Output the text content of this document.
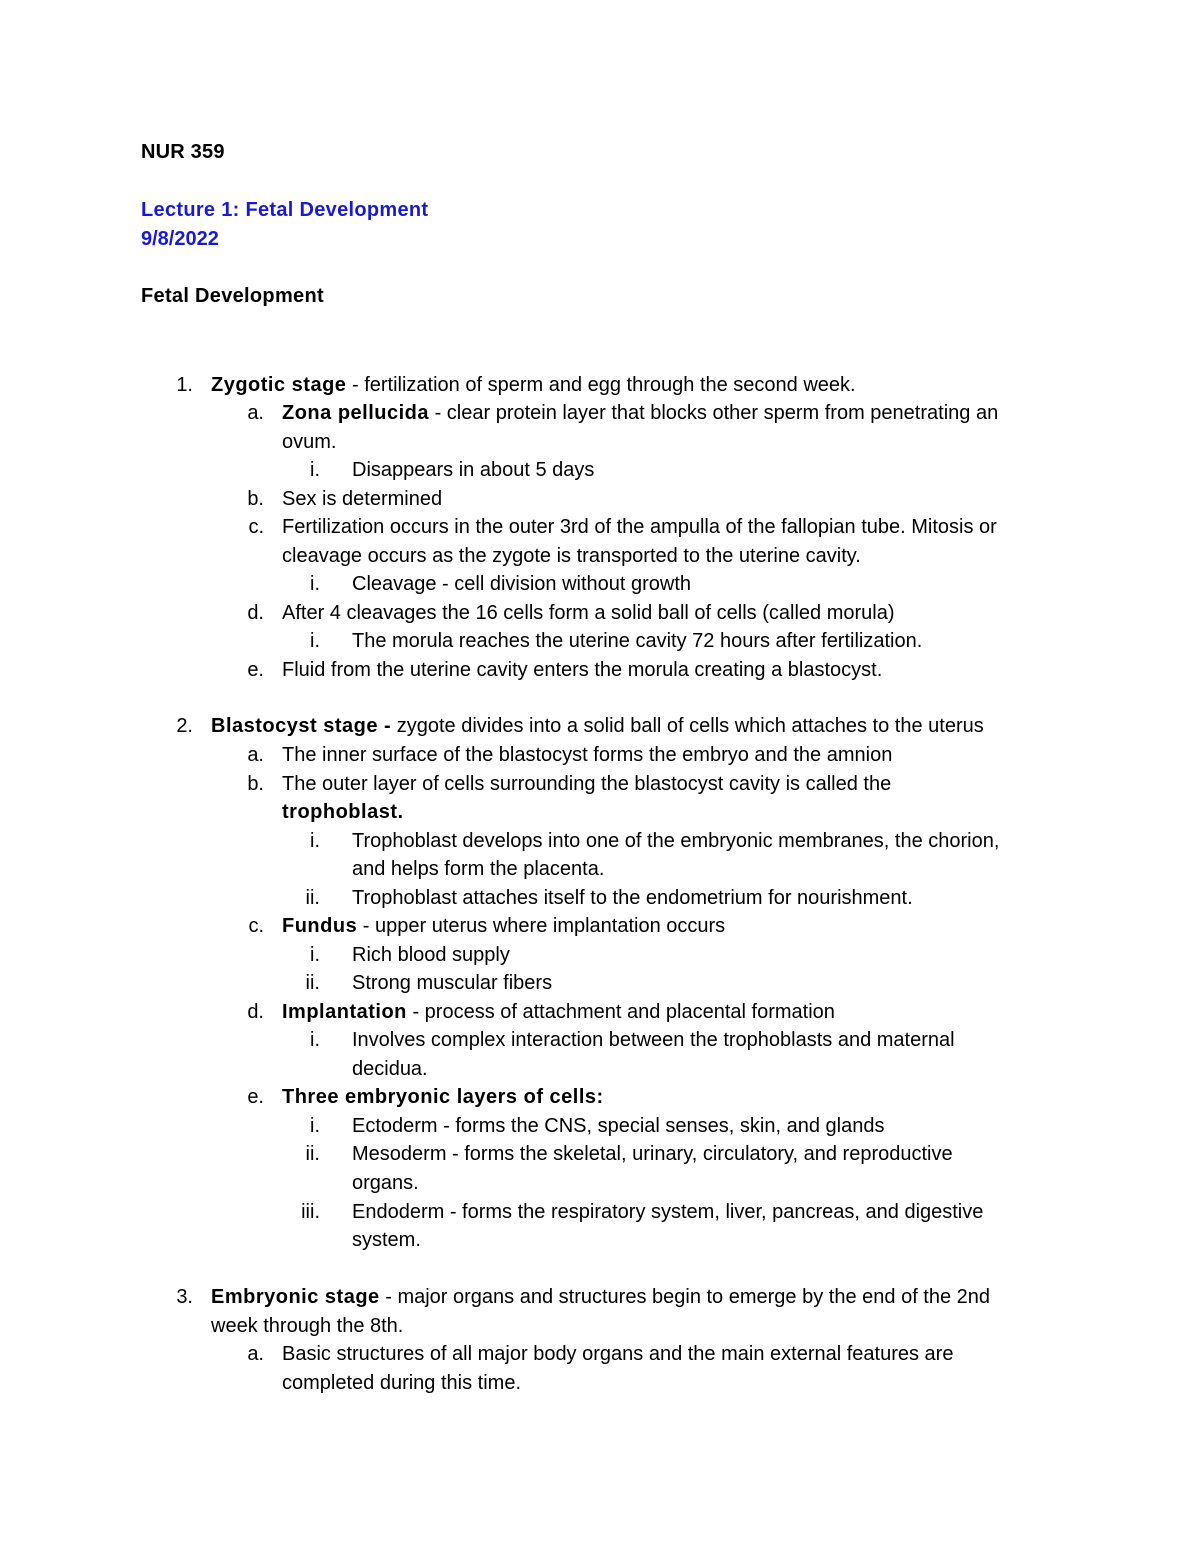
NUR 359
Lecture 1: Fetal Development
9/8/2022
Fetal Development
1. Zygotic stage - fertilization of sperm and egg through the second week.
a. Zona pellucida - clear protein layer that blocks other sperm from penetrating an
ovum.
i. Disappears in about 5 days
b. Sex is determined
c. Fertilization occurs in the outer 3rd of the ampulla of the fallopian tube. Mitosis or
cleavage occurs as the zygote is transported to the uterine cavity.
i. Cleavage - cell division without growth
d. After 4 cleavages the 16 cells form a solid ball of cells (called morula)
i. The morula reaches the uterine cavity 72 hours after fertilization.
e. Fluid from the uterine cavity enters the morula creating a blastocyst.
2. Blastocyst stage - zygote divides into a solid ball of cells which attaches to the uterus
a. The inner surface of the blastocyst forms the embryo and the amnion
b. The outer layer of cells surrounding the blastocyst cavity is called the
trophoblast.
i. Trophoblast develops into one of the embryonic membranes, the chorion,
and helps form the placenta.
ii. Trophoblast attaches itself to the endometrium for nourishment.
c. Fundus - upper uterus where implantation occurs
i. Rich blood supply
ii. Strong muscular fibers
d. Implantation - process of attachment and placental formation
i. Involves complex interaction between the trophoblasts and maternal
decidua.
e. Three embryonic layers of cells:
i. Ectoderm - forms the CNS, special senses, skin, and glands
ii. Mesoderm - forms the skeletal, urinary, circulatory, and reproductive
organs.
iii. Endoderm - forms the respiratory system, liver, pancreas, and digestive
system.
3. Embryonic stage - major organs and structures begin to emerge by the end of the 2nd
week through the 8th.
a. Basic structures of all major body organs and the main external features are
completed during this time.
